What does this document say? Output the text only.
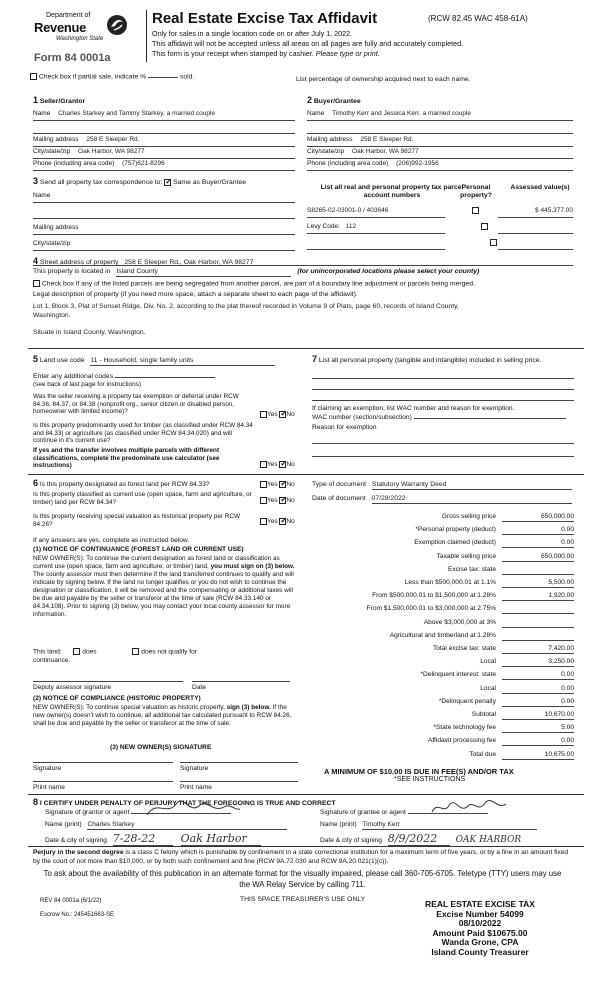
Department of
Revenue
Washington State
Form 84 0001a
Real Estate Excise Tax Affidavit	(RCW 82.45 WAC 458-61A)
Only for sales in a single location code on or after July 1, 2022.
This affidavit will not be accepted unless all areas on all pages are fully and accurately completed.
This form is your receipt when stamped by cashier. Please type or print.
Check box if partial sale, indicate %	sold.	List percentage of ownership acquired next to each name.
1 Seller/Grantor
Name Charles Starkey and Tammy Starkey, a married couple
Mailing address 258 E Sleeper Rd.
City/state/zip Oak Harbor, WA 98277
Phone (including area code) (757)621-8296
2 Buyer/Grantee
Name Timothy Kerr and Jessica Kerr, a married couple
Mailing address 258 E Sleeper Rd.
City/state/zip Oak Harbor, WA 98277
Phone (including area code) (206)992-1956
3 Send all property tax correspondence to: ✓ Same as Buyer/Grantee
Name
Mailing address
City/state/zip
List all real and personal property tax parcel account numbers
Personal property?
Assessed value(s)
S8265-02-03001-0 / 403646
	$ 445,377.00
Levy Code: 112

4 Street address of property 258 E Sleeper Rd., Oak Harbor, WA 98277
This property is located in Island County	(for unincorporated locations please select your county)
Check box if any of the listed parcels are being segregated from another parcel, are part of a boundary line adjustment or parcels being merged.
Legal description of property (if you need more space, attach a separate sheet to each page of the affidavit).
Lot 1, Block 3, Plat of Sunset Ridge, Div. No. 2, according to the plat thereof recorded in Volume 9 of Plats, page 60, records of Island County,
Washington.
Situate in Island County, Washington.
5 Land use code 11 - Household, single family units
Enter any additional codes
(see back of last page for instructions)
Was the seller receiving a property tax exemption or deferral under RCW 84.36, 84.37, or 84.38 (nonprofit org., senior citizen or disabled person, homeowner with limited income)?	Yes ✓ No
Is this property predominantly used for timber (as classified under RCW 84.34 and 84.33) or agriculture (as classified under RCW 84.34.020) and will continue in it's current use?
If yes and the transfer involves multiple parcels with different classifications, complete the predominate use calculator (see instructions)	Yes ✓ No
7 List all personal property (tangible and intangible) included in selling price.
If claiming an exemption, list WAC number and reason for exemption.
WAC number (section/subsection)
Reason for exemption
6 Is this property designated as forest land per RCW 84.33?	Yes ✓ No
Is this property classified as current use (open space, farm and agriculture, or timber) land per RCW 84.34?	Yes ✓ No
Is this property receiving special valuation as historical property per RCW 84.26?	Yes ✓ No
If any answers are yes, complete as instructed below.
(1) NOTICE OF CONTINUANCE (FOREST LAND OR CURRENT USE)
NEW OWNER(S): To continue the current designation as forest land or classification as current use (open space, farm and agriculture, or timber) land, you must sign on (3) below. The county assessor must then determine if the land transferred continues to qualify and will indicate by signing below. If the land no longer qualifies or you do not wish to continue the designation or classification, it will be removed and the compensating or additional taxes will be due and payable by the seller or transferor at the time of sale (RCW 84.33.140 or 84.34.108). Prior to signing (3) below, you may contact your local county assessor for more information.
This land:	does	does not qualify for
continuance.
Deputy assessor signature	Date
(2) NOTICE OF COMPLIANCE (HISTORIC PROPERTY)
NEW OWNER(S): To continue special valuation as historic property, sign (3) below. If the new owner(s) doesn't wish to continue, all additional tax calculated pursuant to RCW 84.26, shall be due and payable by the seller or transferor at the time of sale.
(3) NEW OWNER(S) SIGNATURE
Signature	Signature
Print name	Print name
Type of document Statutory Warranty Deed
Date of document 07/28/2022
Gross selling price	650,000.00
*Personal property (deduct)	0.00
Exemption claimed (deduct)	0.00
Taxable selling price	650,000.00
Excise tax: state
Less than $500,000.01 at 1.1%	5,500.00
From $500,000.01 to $1,500,000 at 1.28%	1,920.00
From $1,500,000.01 to $3,000,000 at 2.75%
Above $3,000,000 at 3%
Agricultural and timberland at 1.28%
Total excise tax: state	7,420.00
Local	3,250.00
*Delinquent interest: state	0.00
Local	0.00
*Delinquent penalty	0.00
Subtotal	10,670.00
*State technology fee	5.00
Affidavit processing fee	0.00
Total due	10,675.00
A MINIMUM OF $10.00 IS DUE IN FEE(S) AND/OR TAX
*SEE INSTRUCTIONS
8 I CERTIFY UNDER PENALTY OF PERJURY THAT THE FOREGOING IS TRUE AND CORRECT
Signature of grantor or agent
Name (print) Charles Starkey
Date & city of signing 7-28-22 Oak Harbor
Signature of grantee or agent
Name (print) Timothy Kerr
Date & city of signing 8/9/2022 OAK HARBOR
Perjury in the second degree is a class C felony which is punishable by confinement in a state correctional institution for a maximum term of five years, or by a fine in an amount fixed by the court of not more than $10,000, or by both such confinement and fine (RCW 9A.72.030 and RCW 9A.20.021(1)(c)).
To ask about the availability of this publication in an alternate format for the visually impaired, please call 360-705-6705. Teletype (TTY) users may use the WA Relay Service by calling 711.
REV 84 0001a (6/1/22)	THIS SPACE TREASURER'S USE ONLY
Escrow No.: 245451663-SE
REAL ESTATE EXCISE TAX
Excise Number 54099
08/10/2022
Amount Paid $10675.00
Wanda Grone, CPA
Island County Treasurer
